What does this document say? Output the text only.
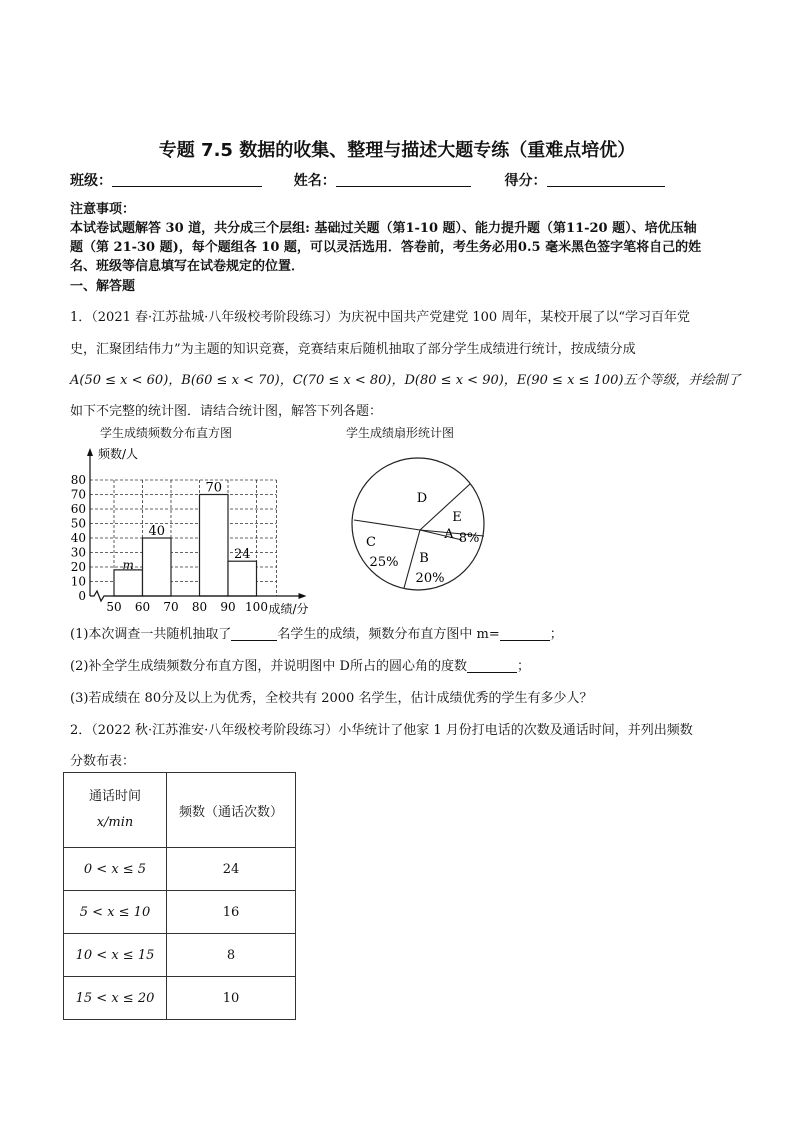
专题 7.5 数据的收集、整理与描述大题专练（重难点培优）
班级：	姓名：	得分：
注意事项：
本试卷试题解答 30 道，共分成三个层组: 基础过关题（第1-10 题）、能力提升题（第11-20 题）、培优压轴
题（第 21-30 题)，每个题组各 10 题，可以灵活选用．答卷前，考生务必用0.5 毫米黑色签字笔将自己的姓
名、班级等信息填写在试卷规定的位置．
一、解答题
1．（2021 春·江苏盐城·八年级校考阶段练习）为庆祝中国共产党建党 100 周年，某校开展了以“学习百年党
史，汇聚团结伟力”为主题的知识竞赛，竞赛结束后随机抽取了部分学生成绩进行统计，按成绩分成
A(50 ≤ x < 60)，B(60 ≤ x < 70)，C(70 ≤ x < 80)，D(80 ≤ x < 90)，E(90 ≤ x ≤ 100)五个等级，并绘制了
如下不完整的统计图．请结合统计图，解答下列各题：
学生成绩频数分布直方图	学生成绩扇形统计图
0
10
20
30
40
50
60
70
80
m
40
70
24
50 60 70 80 90 100
频数/人
成绩/分
D
E
A 8%
B
20%
C
25%
(1)本次调查一共随机抽取了	名学生的成绩，频数分布直方图中 m=	；
(2)补全学生成绩频数分布直方图，并说明图中 D所占的圆心角的度数	；
(3)若成绩在 80分及以上为优秀，全校共有 2000 名学生，估计成绩优秀的学生有多少人？
2．（2022 秋·江苏淮安·八年级校考阶段练习）小华统计了他家 1 月份打电话的次数及通话时间，并列出频数
分数布表：
通话时间
x/min	频数（通话次数）
0 < x ≤ 5	24
5 < x ≤ 10	16
10 < x ≤ 15	8
15 < x ≤ 20	10
